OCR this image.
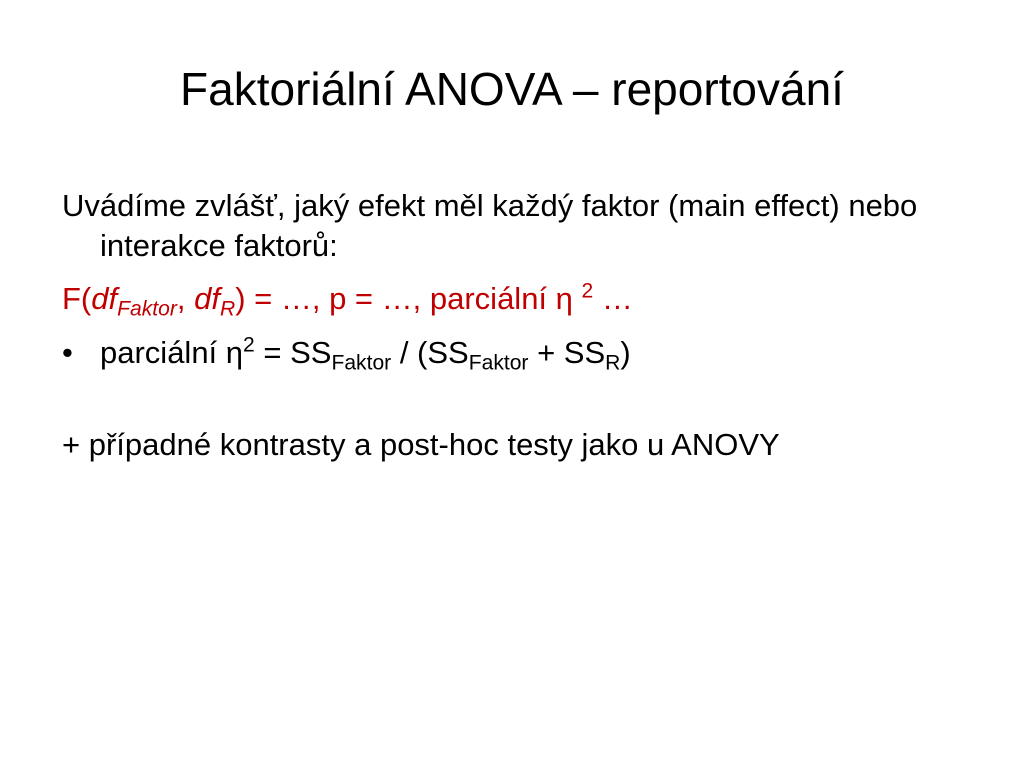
Faktoriální ANOVA – reportování

Uvádíme zvlášť, jaký efekt měl každý faktor (main effect) nebo interakce faktorů:

$F(df_{Faktor}$, $df_R$) = …, p = …, parciální η $^2$ …

• parciální $\eta^2 = SS_{Faktor} / (SS_{Faktor} + SS_R)$

+ případné kontrasty a post-hoc testy jako u ANOVY
